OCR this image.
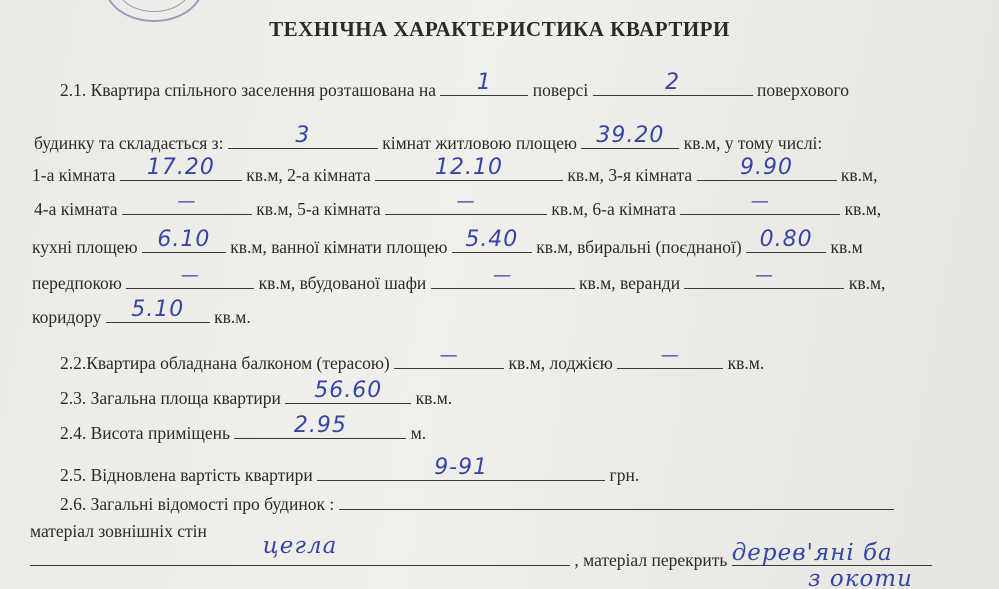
ТЕХНІЧНА ХАРАКТЕРИСТИКА КВАРТИРИ
2.1. Квартира спільного заселення розташована на	1	поверсі	2	поверхового
будинку та складається з:	3	кімнат житловою площею 39.20	кв.м, у тому числі:
1-а кімната	17.20	кв.м, 2-а кімната	12.10	кв.м, 3-я кімната	9.90	кв.м,
4-а кімната	—	кв.м, 5-а кімната	—	кв.м, 6-а кімната	—	кв.м,
кухні площею 6.10	кв.м, ванної кімнати площею 5.40	кв.м, вбиральні (поєднаної) 0.80	кв.м
передпокою	—	кв.м, вбудованої шафи	—	кв.м, веранди	—	кв.м,
коридору	5.10	кв.м.
2.2.Квартира обладнана балконом (терасою)	—	кв.м, лоджією	—	кв.м.
2.3. Загальна площа квартири	56.60	кв.м.
2.4. Висота приміщень	2.95	м.
2.5. Відновлена вартість квартири	9-91	грн.
2.6. Загальні відомості про будинок :
матеріал зовнішніх стін
цегла
, матеріал перекрить дерев'яні ба
з окоти
